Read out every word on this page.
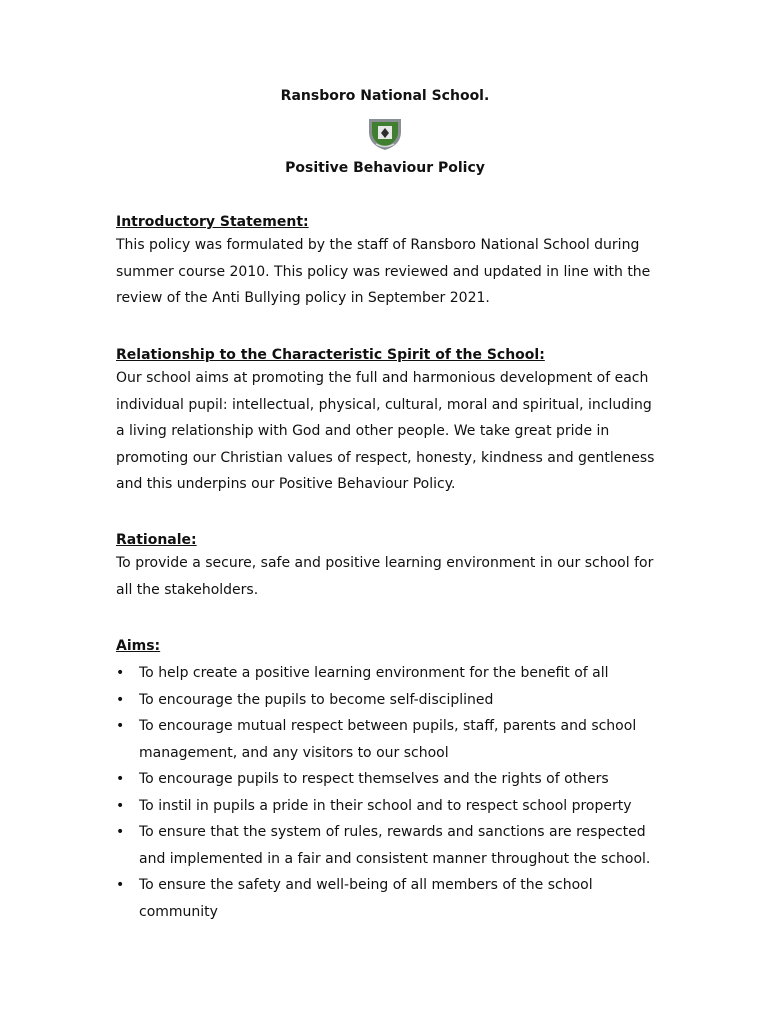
Ransboro National School.
Positive Behaviour Policy

Introductory Statement:

This policy was formulated by the staff of Ransboro National School during summer course 2010. This policy was reviewed and updated in line with the review of the Anti Bullying policy in September 2021.

Relationship to the Characteristic Spirit of the School:

Our school aims at promoting the full and harmonious development of each individual pupil: intellectual, physical, cultural, moral and spiritual, including a living relationship with God and other people. We take great pride in promoting our Christian values of respect, honesty, kindness and gentleness and this underpins our Positive Behaviour Policy.

Rationale:

To provide a secure, safe and positive learning environment in our school for all the stakeholders.

Aims:

• To help create a positive learning environment for the benefit of all
• To encourage the pupils to become self-disciplined
• To encourage mutual respect between pupils, staff, parents and school management, and any visitors to our school
• To encourage pupils to respect themselves and the rights of others
• To instil in pupils a pride in their school and to respect school property
• To ensure that the system of rules, rewards and sanctions are respected and implemented in a fair and consistent manner throughout the school.
• To ensure the safety and well-being of all members of the school community
